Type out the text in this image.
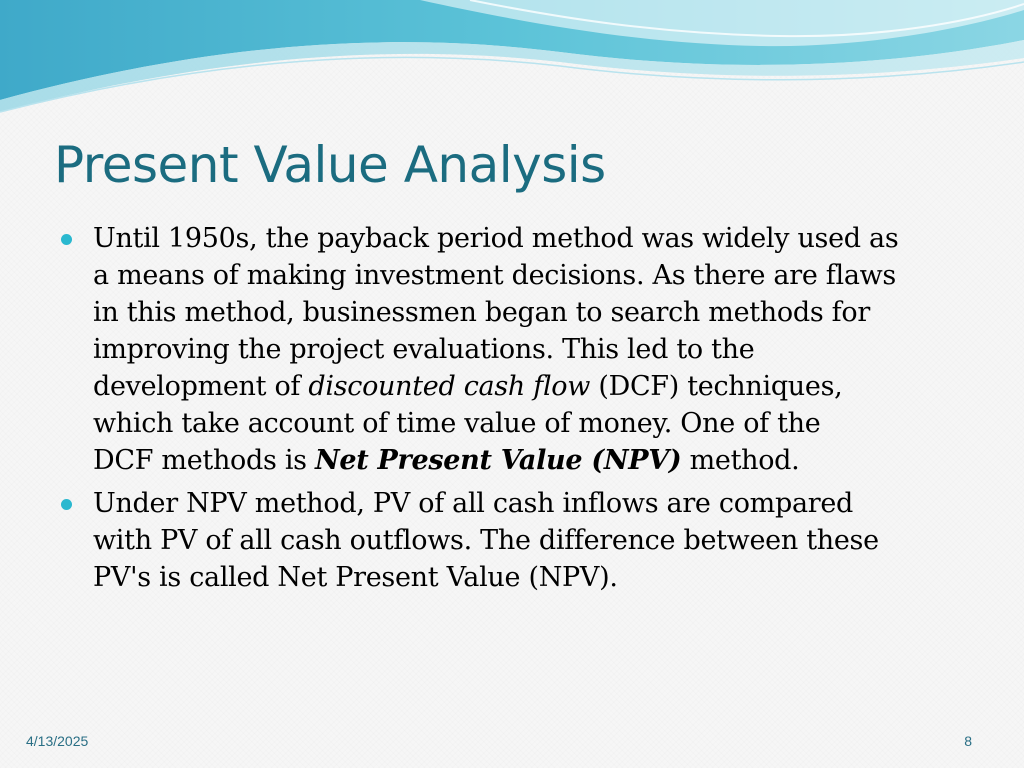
Present Value Analysis
Until 1950s, the payback period method was widely used as
a means of making investment decisions. As there are flaws
in this method, businessmen began to search methods for
improving the project evaluations. This led to the
development of discounted cash flow (DCF) techniques,
which take account of time value of money. One of the
DCF methods is Net Present Value (NPV) method.
Under NPV method, PV of all cash inflows are compared
with PV of all cash outflows. The difference between these
PV's is called Net Present Value (NPV).
4/13/2025	8
